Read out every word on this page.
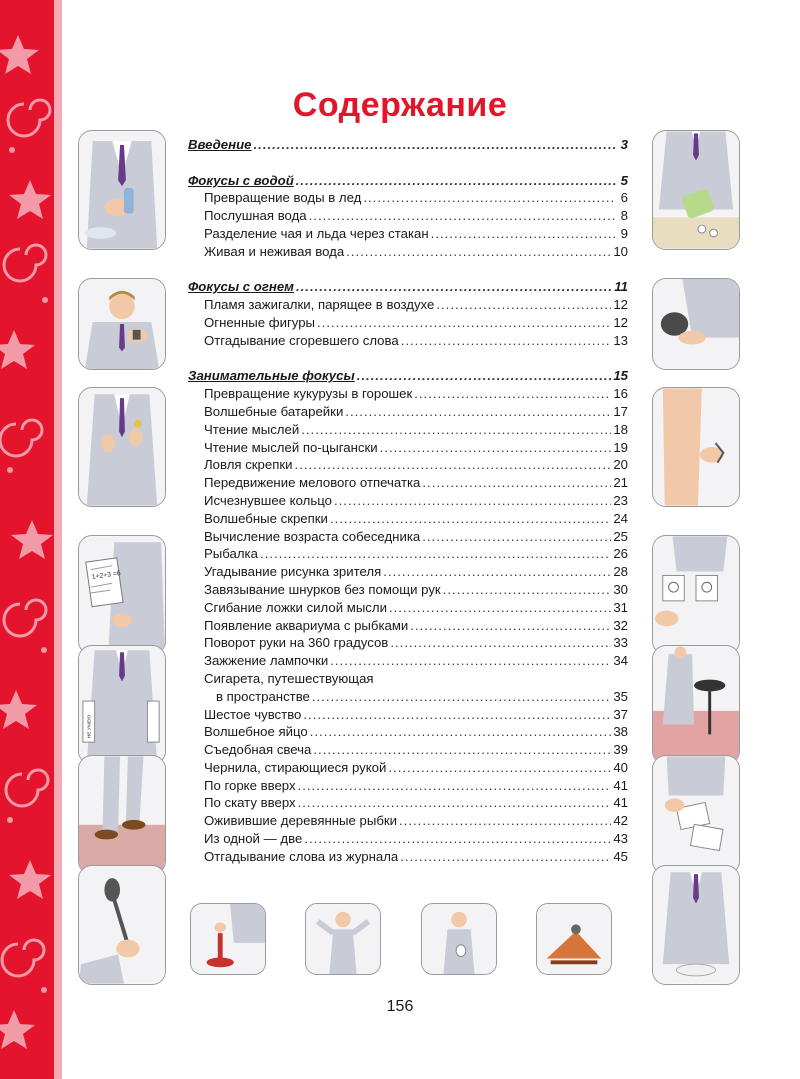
Содержание
1+2+3 =6
НЕ УМЕЮ
Введение .....	3
Фокусы с водой .....	5
Превращение воды в лед .....	6
Послушная вода .....	8
Разделение чая и льда через стакан .....	9
Живая и неживая вода .....	10
Фокусы с огнем .....	11
Пламя зажигалки, парящее в воздухе .....	12
Огненные фигуры .....	12
Отгадывание сгоревшего слова .....	13
Занимательные фокусы .....	15
Превращение кукурузы в горошек .....	16
Волшебные батарейки .....	17
Чтение мыслей .....	18
Чтение мыслей по-цыгански .....	19
Ловля скрепки .....	20
Передвижение мелового отпечатка .....	21
Исчезнувшее кольцо .....	23
Волшебные скрепки .....	24
Вычисление возраста собеседника .....	25
Рыбалка .....	26
Угадывание рисунка зрителя .....	28
Завязывание шнурков без помощи рук .....	30
Сгибание ложки силой мысли .....	31
Появление аквариума с рыбками .....	32
Поворот руки на 360 градусов .....	33
Зажжение лампочки .....	34
Сигарета, путешествующая
в пространстве .....	35
Шестое чувство .....	37
Волшебное яйцо .....	38
Съедобная свеча .....	39
Чернила, стирающиеся рукой .....	40
По горке вверх .....	41
По скату вверх .....	41
Оживившие деревянные рыбки .....	42
Из одной — две .....	43
Отгадывание слова из журнала .....	45
156
